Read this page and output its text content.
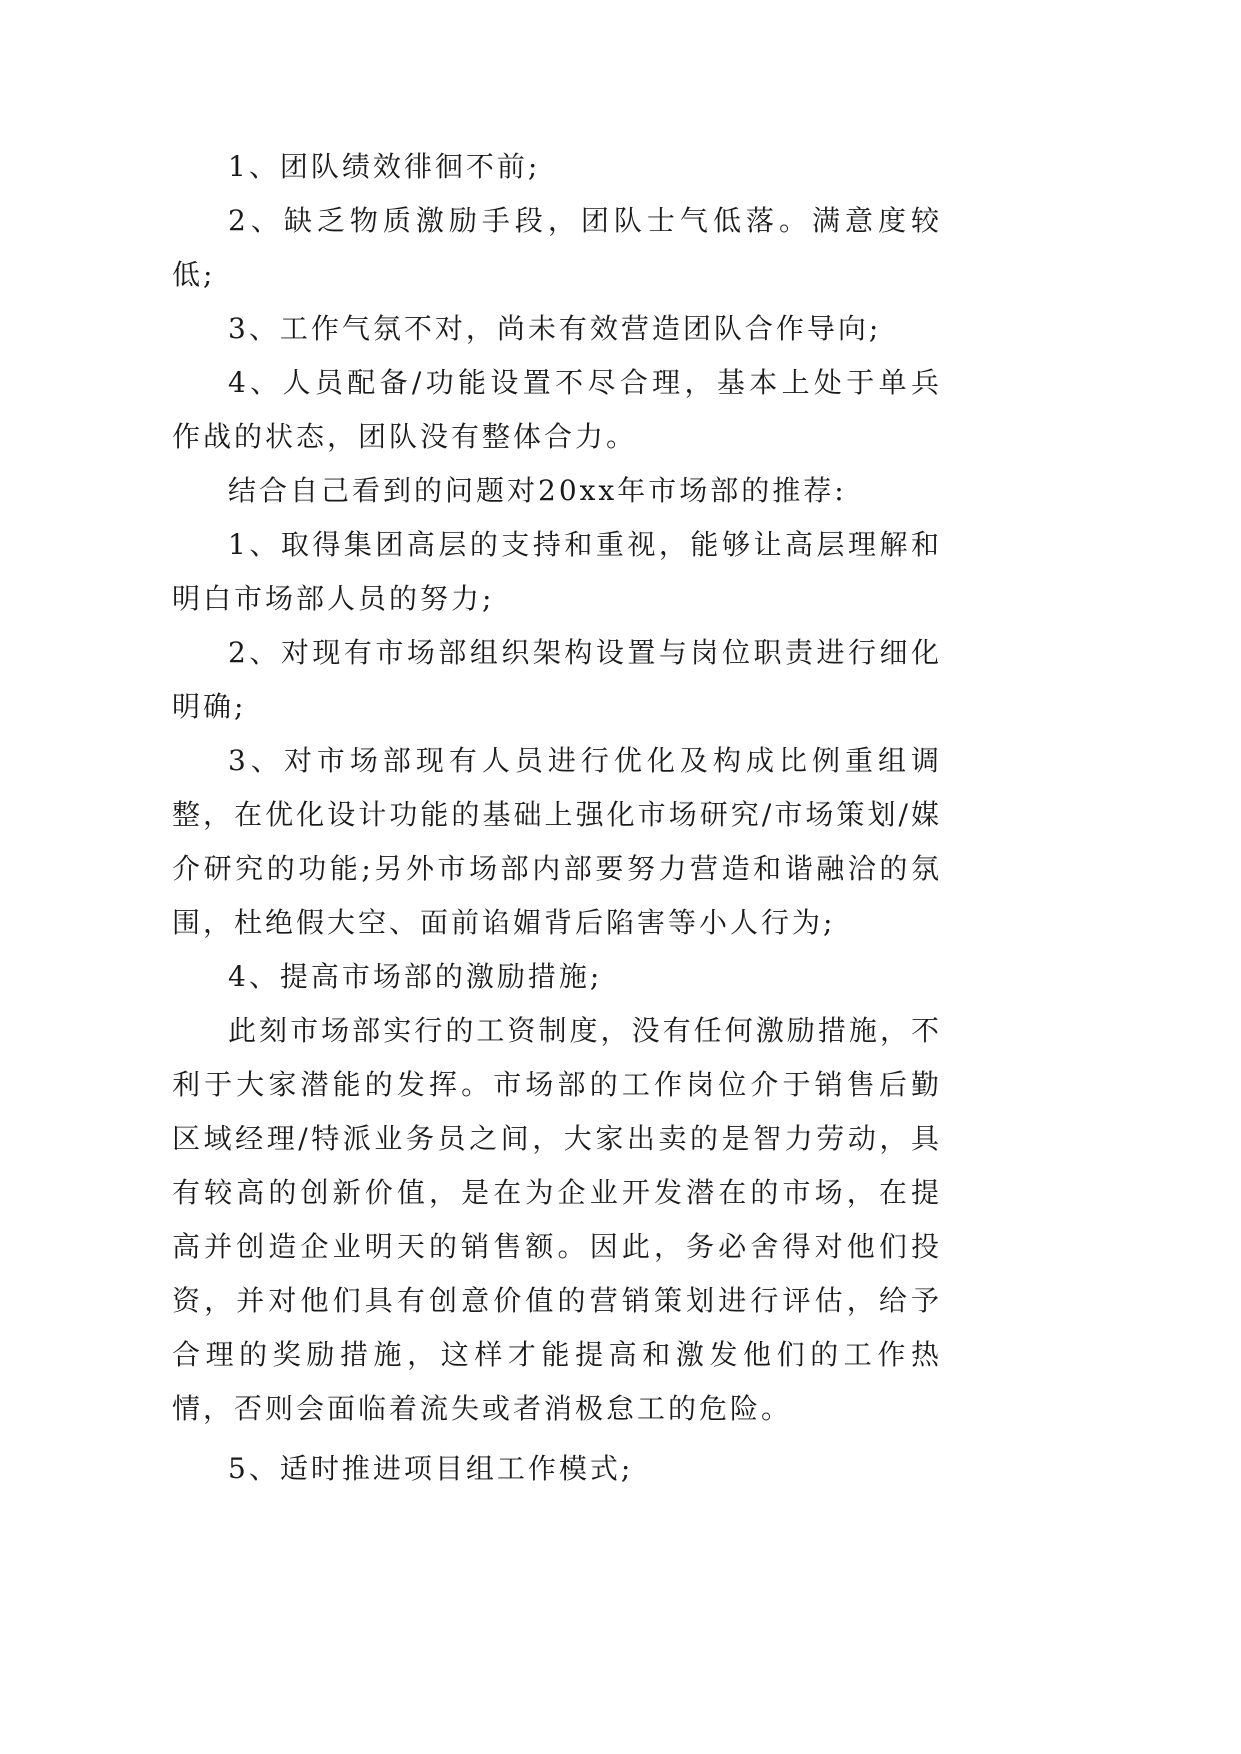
1、团队绩效徘徊不前;

2、缺乏物质激励手段，团队士气低落。满意度较低;

3、工作气氛不对，尚未有效营造团队合作导向;

4、人员配备/功能设置不尽合理，基本上处于单兵作战的状态，团队没有整体合力。

结合自己看到的问题对20xx年市场部的推荐:

1、取得集团高层的支持和重视，能够让高层理解和明白市场部人员的努力;

2、对现有市场部组织架构设置与岗位职责进行细化明确;

3、对市场部现有人员进行优化及构成比例重组调整，在优化设计功能的基础上强化市场研究/市场策划/媒介研究的功能;另外市场部内部要努力营造和谐融洽的氛围，杜绝假大空、面前谄媚背后陷害等小人行为;

4、提高市场部的激励措施;

此刻市场部实行的工资制度，没有任何激励措施，不利于大家潜能的发挥。市场部的工作岗位介于销售后勤区域经理/特派业务员之间，大家出卖的是智力劳动，具有较高的创新价值，是在为企业开发潜在的市场，在提高并创造企业明天的销售额。因此，务必舍得对他们投资，并对他们具有创意价值的营销策划进行评估，给予合理的奖励措施，这样才能提高和激发他们的工作热情，否则会面临着流失或者消极怠工的危险。

5、适时推进项目组工作模式;
